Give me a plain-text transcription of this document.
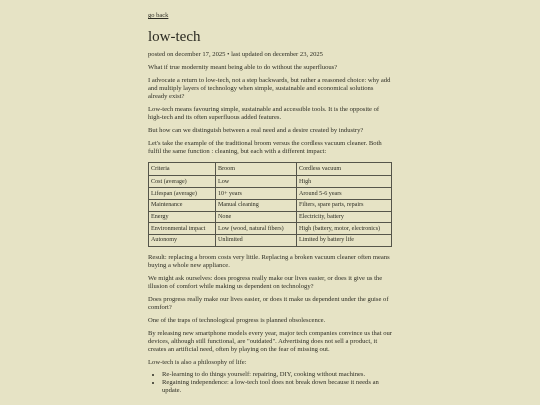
go back
low-tech

posted on december 17, 2025 • last updated on december 23, 2025

What if true modernity meant being able to do without the superfluous?

I advocate a return to low-tech, not a step backwards, but rather a reasoned choice: why add and multiply layers of technology when simple, sustainable and economical solutions already exist?

Low-tech means favouring simple, sustainable and accessible tools. It is the opposite of high-tech and its often superfluous added features.

But how can we distinguish between a real need and a desire created by industry?

Let's take the example of the traditional broom versus the cordless vacuum cleaner. Both fulfil the same function : cleaning, but each with a different impact:

Criteria	Broom	Cordless vacuum
Cost (average)	Low	High
Lifespan (average)	10+ years	Around 5-6 years
Maintenance	Manual cleaning	Filters, spare parts, repairs
Energy	None	Electricity, battery
Environmental impact	Low (wood, natural fibers)	High (battery, motor, electronics)
Autonomy	Unlimited	Limited by battery life

Result: replacing a broom costs very little. Replacing a broken vacuum cleaner often means buying a whole new appliance.

We might ask ourselves: does progress really make our lives easier, or does it give us the illusion of comfort while making us dependent on technology?

Does progress really make our lives easier, or does it make us dependent under the guise of comfort?

One of the traps of technological progress is planned obsolescence.

By releasing new smartphone models every year, major tech companies convince us that our devices, although still functional, are "outdated". Advertising does not sell a product, it creates an artificial need, often by playing on the fear of missing out.

Low-tech is also a philosophy of life:

• Re-learning to do things yourself: repairing, DIY, cooking without machines.
• Regaining independence: a low-tech tool does not break down because it needs an update.
